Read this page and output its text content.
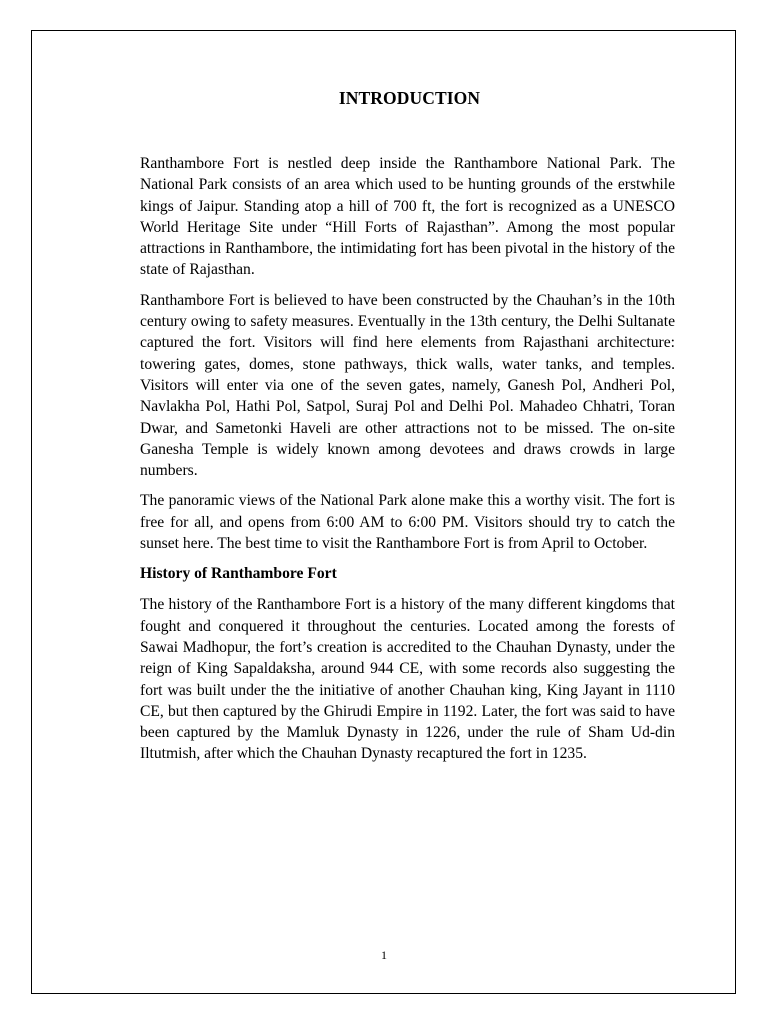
INTRODUCTION

Ranthambore Fort is nestled deep inside the Ranthambore National Park. The National Park consists of an area which used to be hunting grounds of the erstwhile kings of Jaipur. Standing atop a hill of 700 ft, the fort is recognized as a UNESCO World Heritage Site under “Hill Forts of Rajasthan”. Among the most popular attractions in Ranthambore, the intimidating fort has been pivotal in the history of the state of Rajasthan.

Ranthambore Fort is believed to have been constructed by the Chauhan’s in the 10th century owing to safety measures. Eventually in the 13th century, the Delhi Sultanate captured the fort. Visitors will find here elements from Rajasthani architecture: towering gates, domes, stone pathways, thick walls, water tanks, and temples. Visitors will enter via one of the seven gates, namely, Ganesh Pol, Andheri Pol, Navlakha Pol, Hathi Pol, Satpol, Suraj Pol and Delhi Pol. Mahadeo Chhatri, Toran Dwar, and Sametonki Haveli are other attractions not to be missed. The on-site Ganesha Temple is widely known among devotees and draws crowds in large numbers.

The panoramic views of the National Park alone make this a worthy visit. The fort is free for all, and opens from 6:00 AM to 6:00 PM. Visitors should try to catch the sunset here. The best time to visit the Ranthambore Fort is from April to October.

History of Ranthambore Fort

The history of the Ranthambore Fort is a history of the many different kingdoms that fought and conquered it throughout the centuries. Located among the forests of Sawai Madhopur, the fort’s creation is accredited to the Chauhan Dynasty, under the reign of King Sapaldaksha, around 944 CE, with some records also suggesting the fort was built under the the initiative of another Chauhan king, King Jayant in 1110 CE, but then captured by the Ghirudi Empire in 1192. Later, the fort was said to have been captured by the Mamluk Dynasty in 1226, under the rule of Sham Ud-din Iltutmish, after which the Chauhan Dynasty recaptured the fort in 1235.

1
